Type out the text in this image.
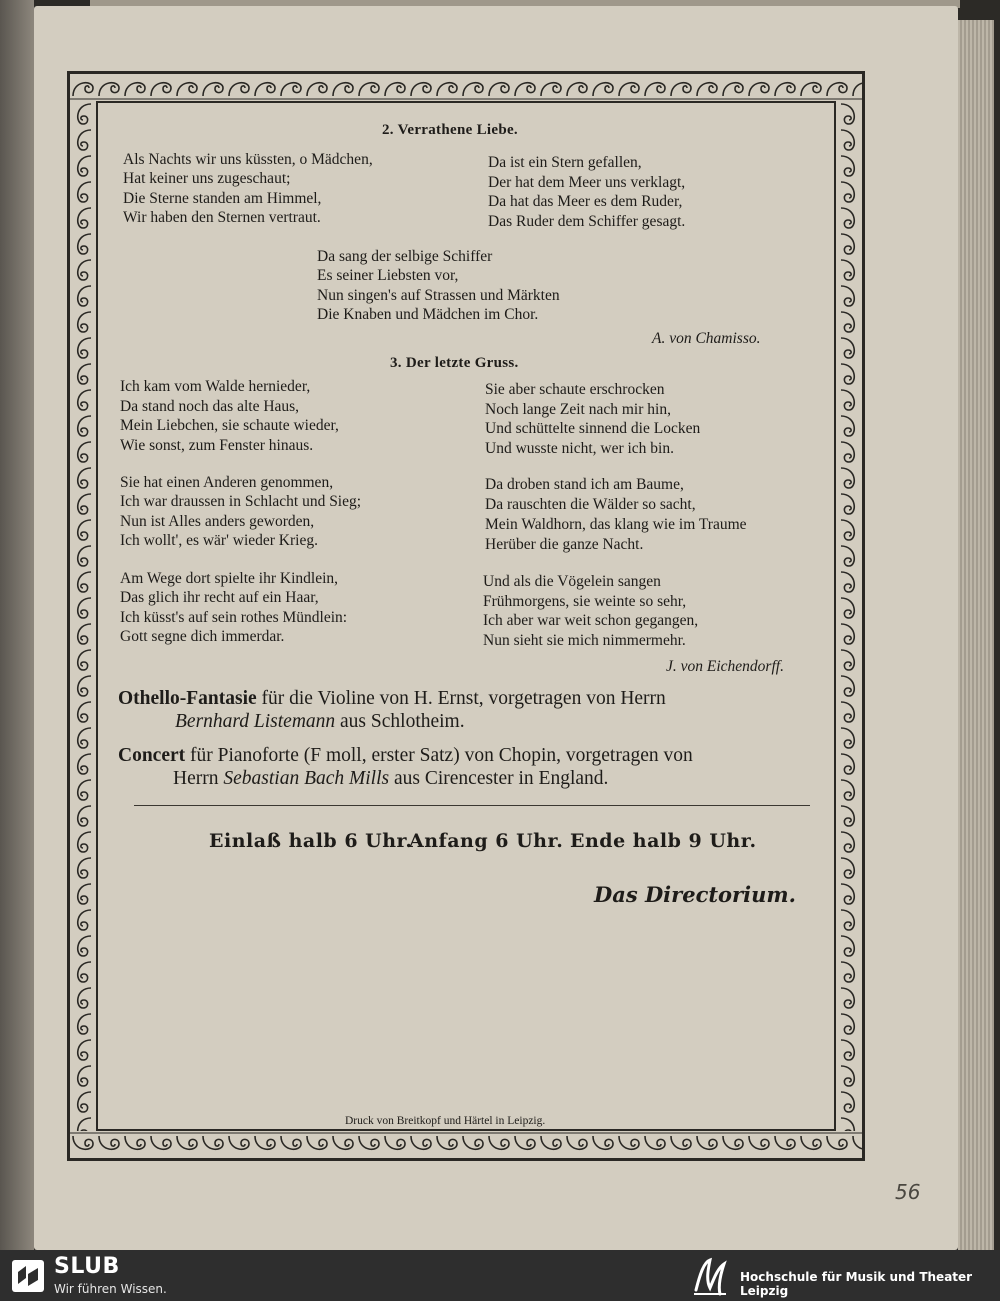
2. Verrathene Liebe.
Als Nachts wir uns küssten, o Mädchen,
Hat keiner uns zugeschaut;
Die Sterne standen am Himmel,
Wir haben den Sternen vertraut.
Da ist ein Stern gefallen,
Der hat dem Meer uns verklagt,
Da hat das Meer es dem Ruder,
Das Ruder dem Schiffer gesagt.
Da sang der selbige Schiffer
Es seiner Liebsten vor,
Nun singen's auf Strassen und Märkten
Die Knaben und Mädchen im Chor.
A. von Chamisso.
3. Der letzte Gruss.
Ich kam vom Walde hernieder,
Da stand noch das alte Haus,
Mein Liebchen, sie schaute wieder,
Wie sonst, zum Fenster hinaus.
Sie aber schaute erschrocken
Noch lange Zeit nach mir hin,
Und schüttelte sinnend die Locken
Und wusste nicht, wer ich bin.
Sie hat einen Anderen genommen,
Ich war draussen in Schlacht und Sieg;
Nun ist Alles anders geworden,
Ich wollt', es wär' wieder Krieg.
Da droben stand ich am Baume,
Da rauschten die Wälder so sacht,
Mein Waldhorn, das klang wie im Traume
Herüber die ganze Nacht.
Am Wege dort spielte ihr Kindlein,
Das glich ihr recht auf ein Haar,
Ich küsst's auf sein rothes Mündlein:
Gott segne dich immerdar.
Und als die Vögelein sangen
Frühmorgens, sie weinte so sehr,
Ich aber war weit schon gegangen,
Nun sieht sie mich nimmermehr.
J. von Eichendorff.
Othello-Fantasie für die Violine von H. Ernst, vorgetragen von Herrn
Bernhard Listemann aus Schlotheim.
Concert für Pianoforte (F moll, erster Satz) von Chopin, vorgetragen von
Herrn Sebastian Bach Mills aus Cirencester in England.
Einlaß halb 6 Uhr.
Anfang 6 Uhr. Ende halb 9 Uhr.
Das Directorium.
Druck von Breitkopf und Härtel in Leipzig.
56
SLUB
Wir führen Wissen.
Hochschule für Musik und Theater Leipzig
